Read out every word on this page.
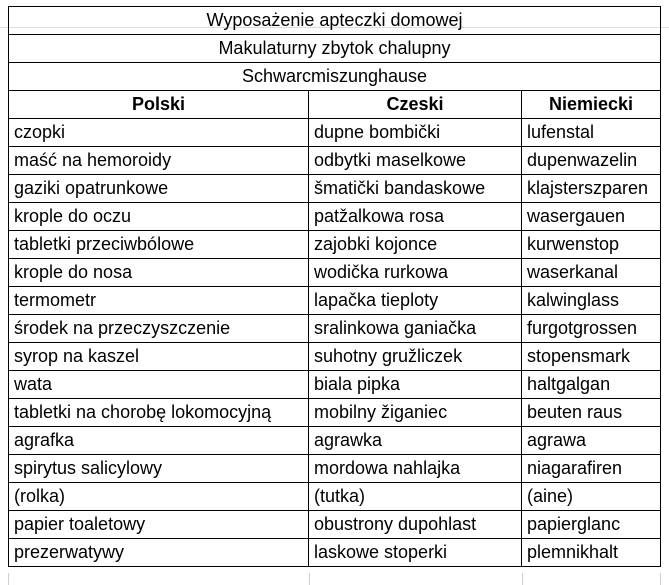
Wyposażenie apteczki domowej		
Makulaturny zbytok chalupny		
Schwarcmiszunghause		
Polski	Czeski	Niemiecki
czopki	dupne bombički	lufenstal
maść na hemoroidy	odbytki maselkowe	dupenwazelin
gaziki opatrunkowe	šmatički bandaskowe	klajsterszparen
krople do oczu	patžalkowa rosa	wasergauen
tabletki przeciwbólowe	zajobki kojonce	kurwenstop
krople do nosa	wodička rurkowa	waserkanal
termometr	lapačka tieploty	kalwinglass
środek na przeczyszczenie	sralinkowa ganiačka	furgotgrossen
syrop na kaszel	suhotny gružliczek	stopensmark
wata	biala pipka	haltgalgan
tabletki na chorobę lokomocyjną	mobilny žiganiec	beuten raus
agrafka	agrawka	agrawa
spirytus salicylowy	mordowa nahlajka	niagarafiren
(rolka)	(tutka)	(aine)
papier toaletowy	obustrony dupohlast	papierglanc
prezerwatywy	laskowe stoperki	plemnikhalt
